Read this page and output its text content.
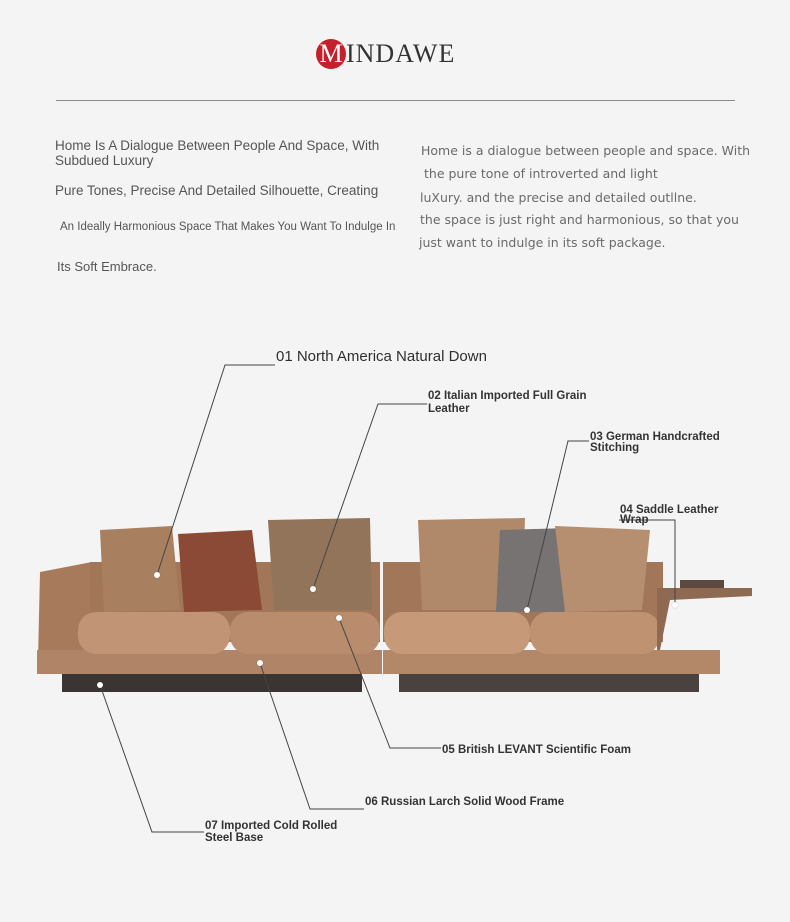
M INDAWE
Home Is A Dialogue Between People And Space, With Subdued Luxury
Pure Tones, Precise And Detailed Silhouette, Creating
An Ideally Harmonious Space That Makes You Want To Indulge In
Its Soft Embrace.
Home is a dialogue between people and space. With
the pure tone of introverted and light
luXury. and the precise and detailed outllne.
the space is just right and harmonious, so that you
just want to indulge in its soft package.
01 North America Natural Down
02 Italian Imported Full Grain Leather
03 German Handcrafted Stitching
04 Saddle Leather Wrap
05 British LEVANT Scientific Foam
06 Russian Larch Solid Wood Frame
07 Imported Cold Rolled Steel Base
